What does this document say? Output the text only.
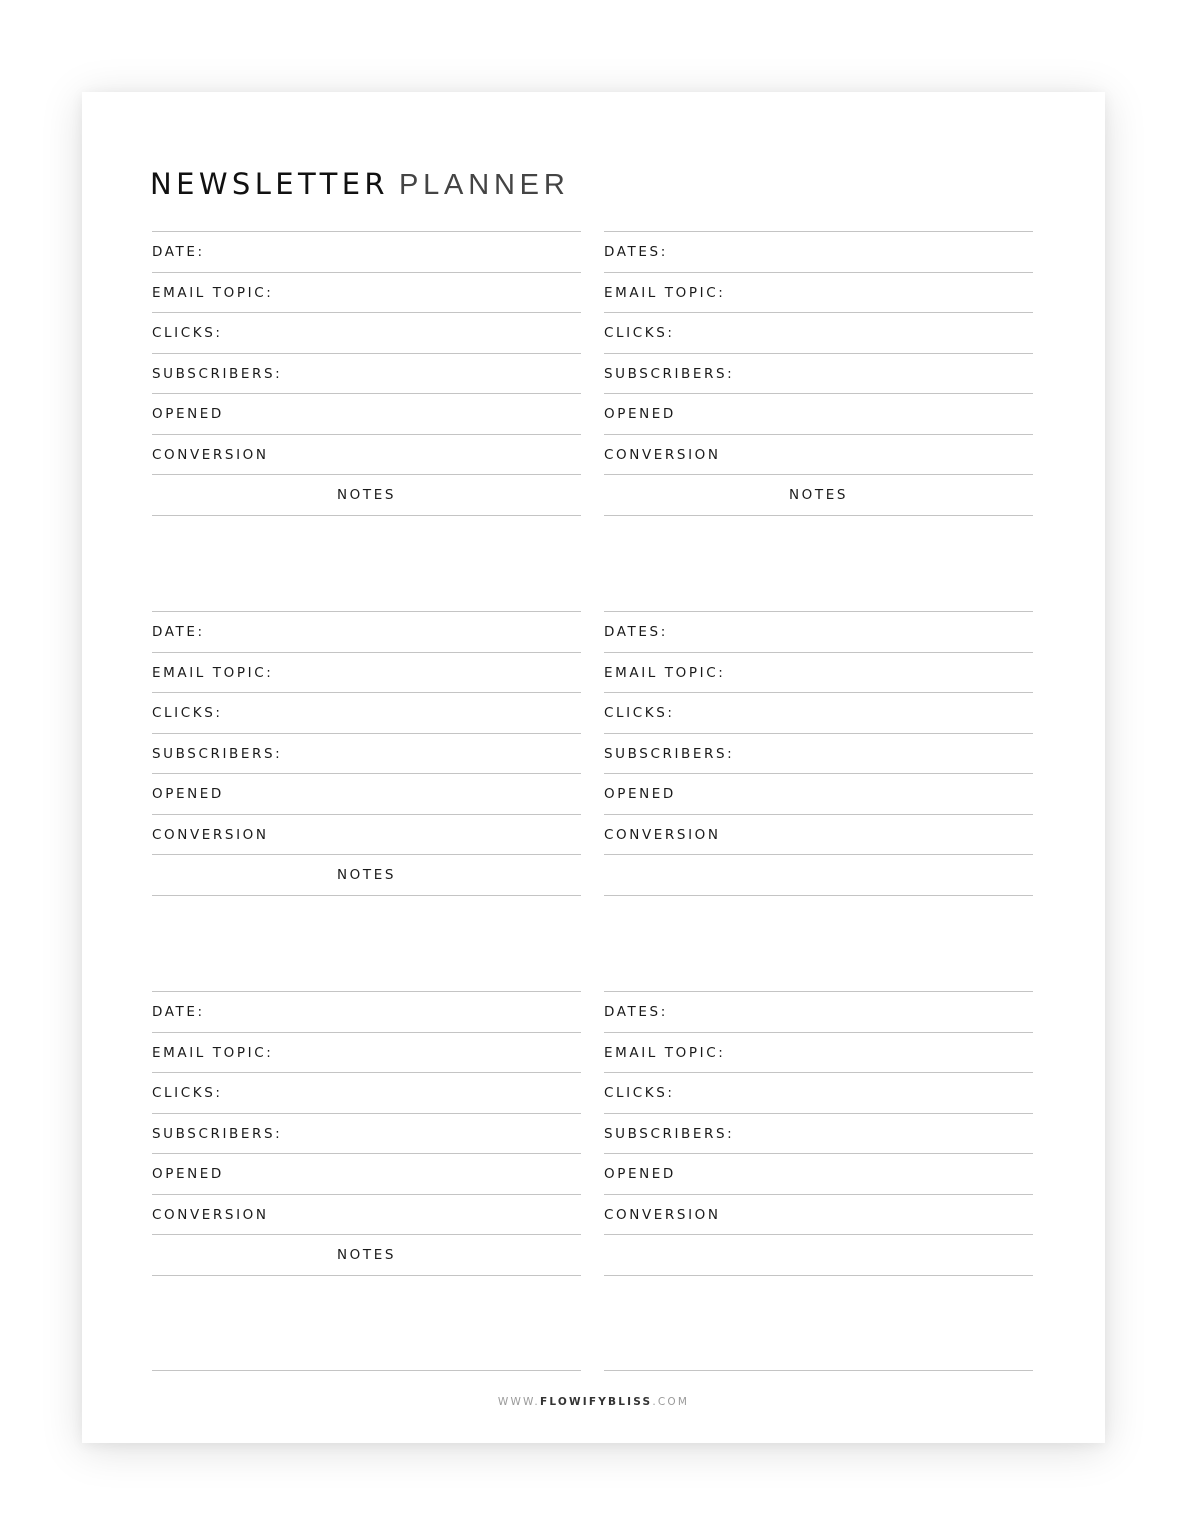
NEWSLETTER PLANNER
DATE:
EMAIL TOPIC:
CLICKS:
SUBSCRIBERS:
OPENED
CONVERSION
NOTES
DATES:
EMAIL TOPIC:
CLICKS:
SUBSCRIBERS:
OPENED
CONVERSION
NOTES
DATE:
EMAIL TOPIC:
CLICKS:
SUBSCRIBERS:
OPENED
CONVERSION
NOTES
DATES:
EMAIL TOPIC:
CLICKS:
SUBSCRIBERS:
OPENED
CONVERSION
DATE:
EMAIL TOPIC:
CLICKS:
SUBSCRIBERS:
OPENED
CONVERSION
NOTES
DATES:
EMAIL TOPIC:
CLICKS:
SUBSCRIBERS:
OPENED
CONVERSION
WWW.FLOWIFYBLISS.COM
